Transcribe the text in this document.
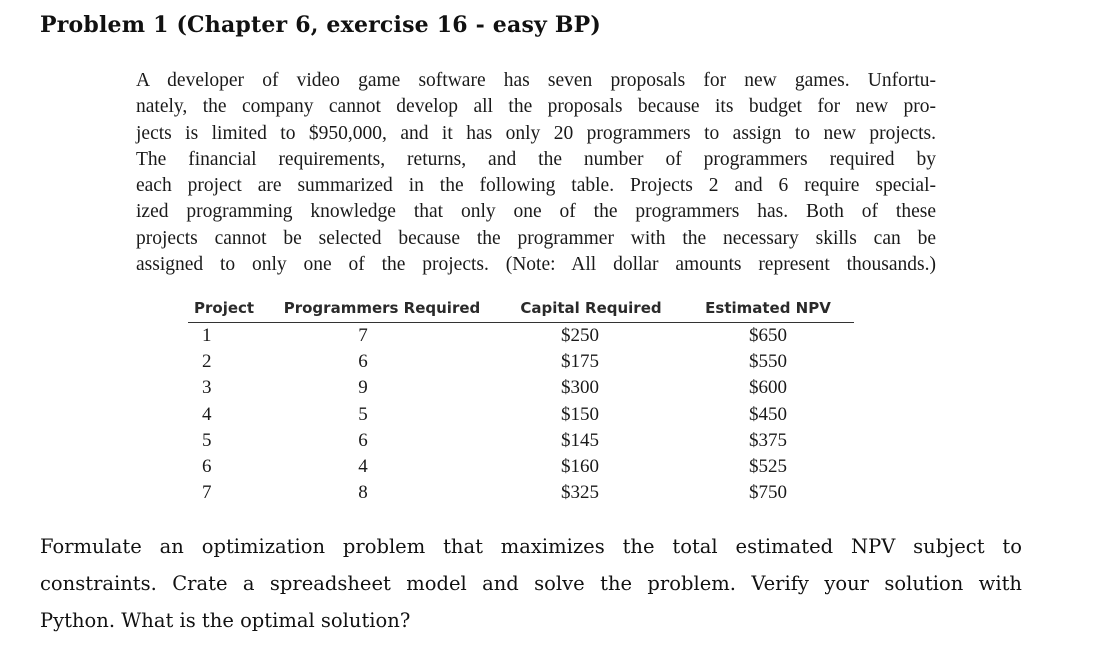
Problem 1 (Chapter 6, exercise 16 - easy BP)
A developer of video game software has seven proposals for new games. Unfortu-
nately, the company cannot develop all the proposals because its budget for new pro-
jects is limited to $950,000, and it has only 20 programmers to assign to new projects.
The financial requirements, returns, and the number of programmers required by
each project are summarized in the following table. Projects 2 and 6 require special-
ized programming knowledge that only one of the programmers has. Both of these
projects cannot be selected because the programmer with the necessary skills can be
assigned to only one of the projects. (Note: All dollar amounts represent thousands.)
Project	Programmers Required	Capital Required	Estimated NPV
1	7	$250	$650
2	6	$175	$550
3	9	$300	$600
4	5	$150	$450
5	6	$145	$375
6	4	$160	$525
7	8	$325	$750
Formulate an optimization problem that maximizes the total estimated NPV subject to
constraints. Crate a spreadsheet model and solve the problem. Verify your solution with
Python. What is the optimal solution?
